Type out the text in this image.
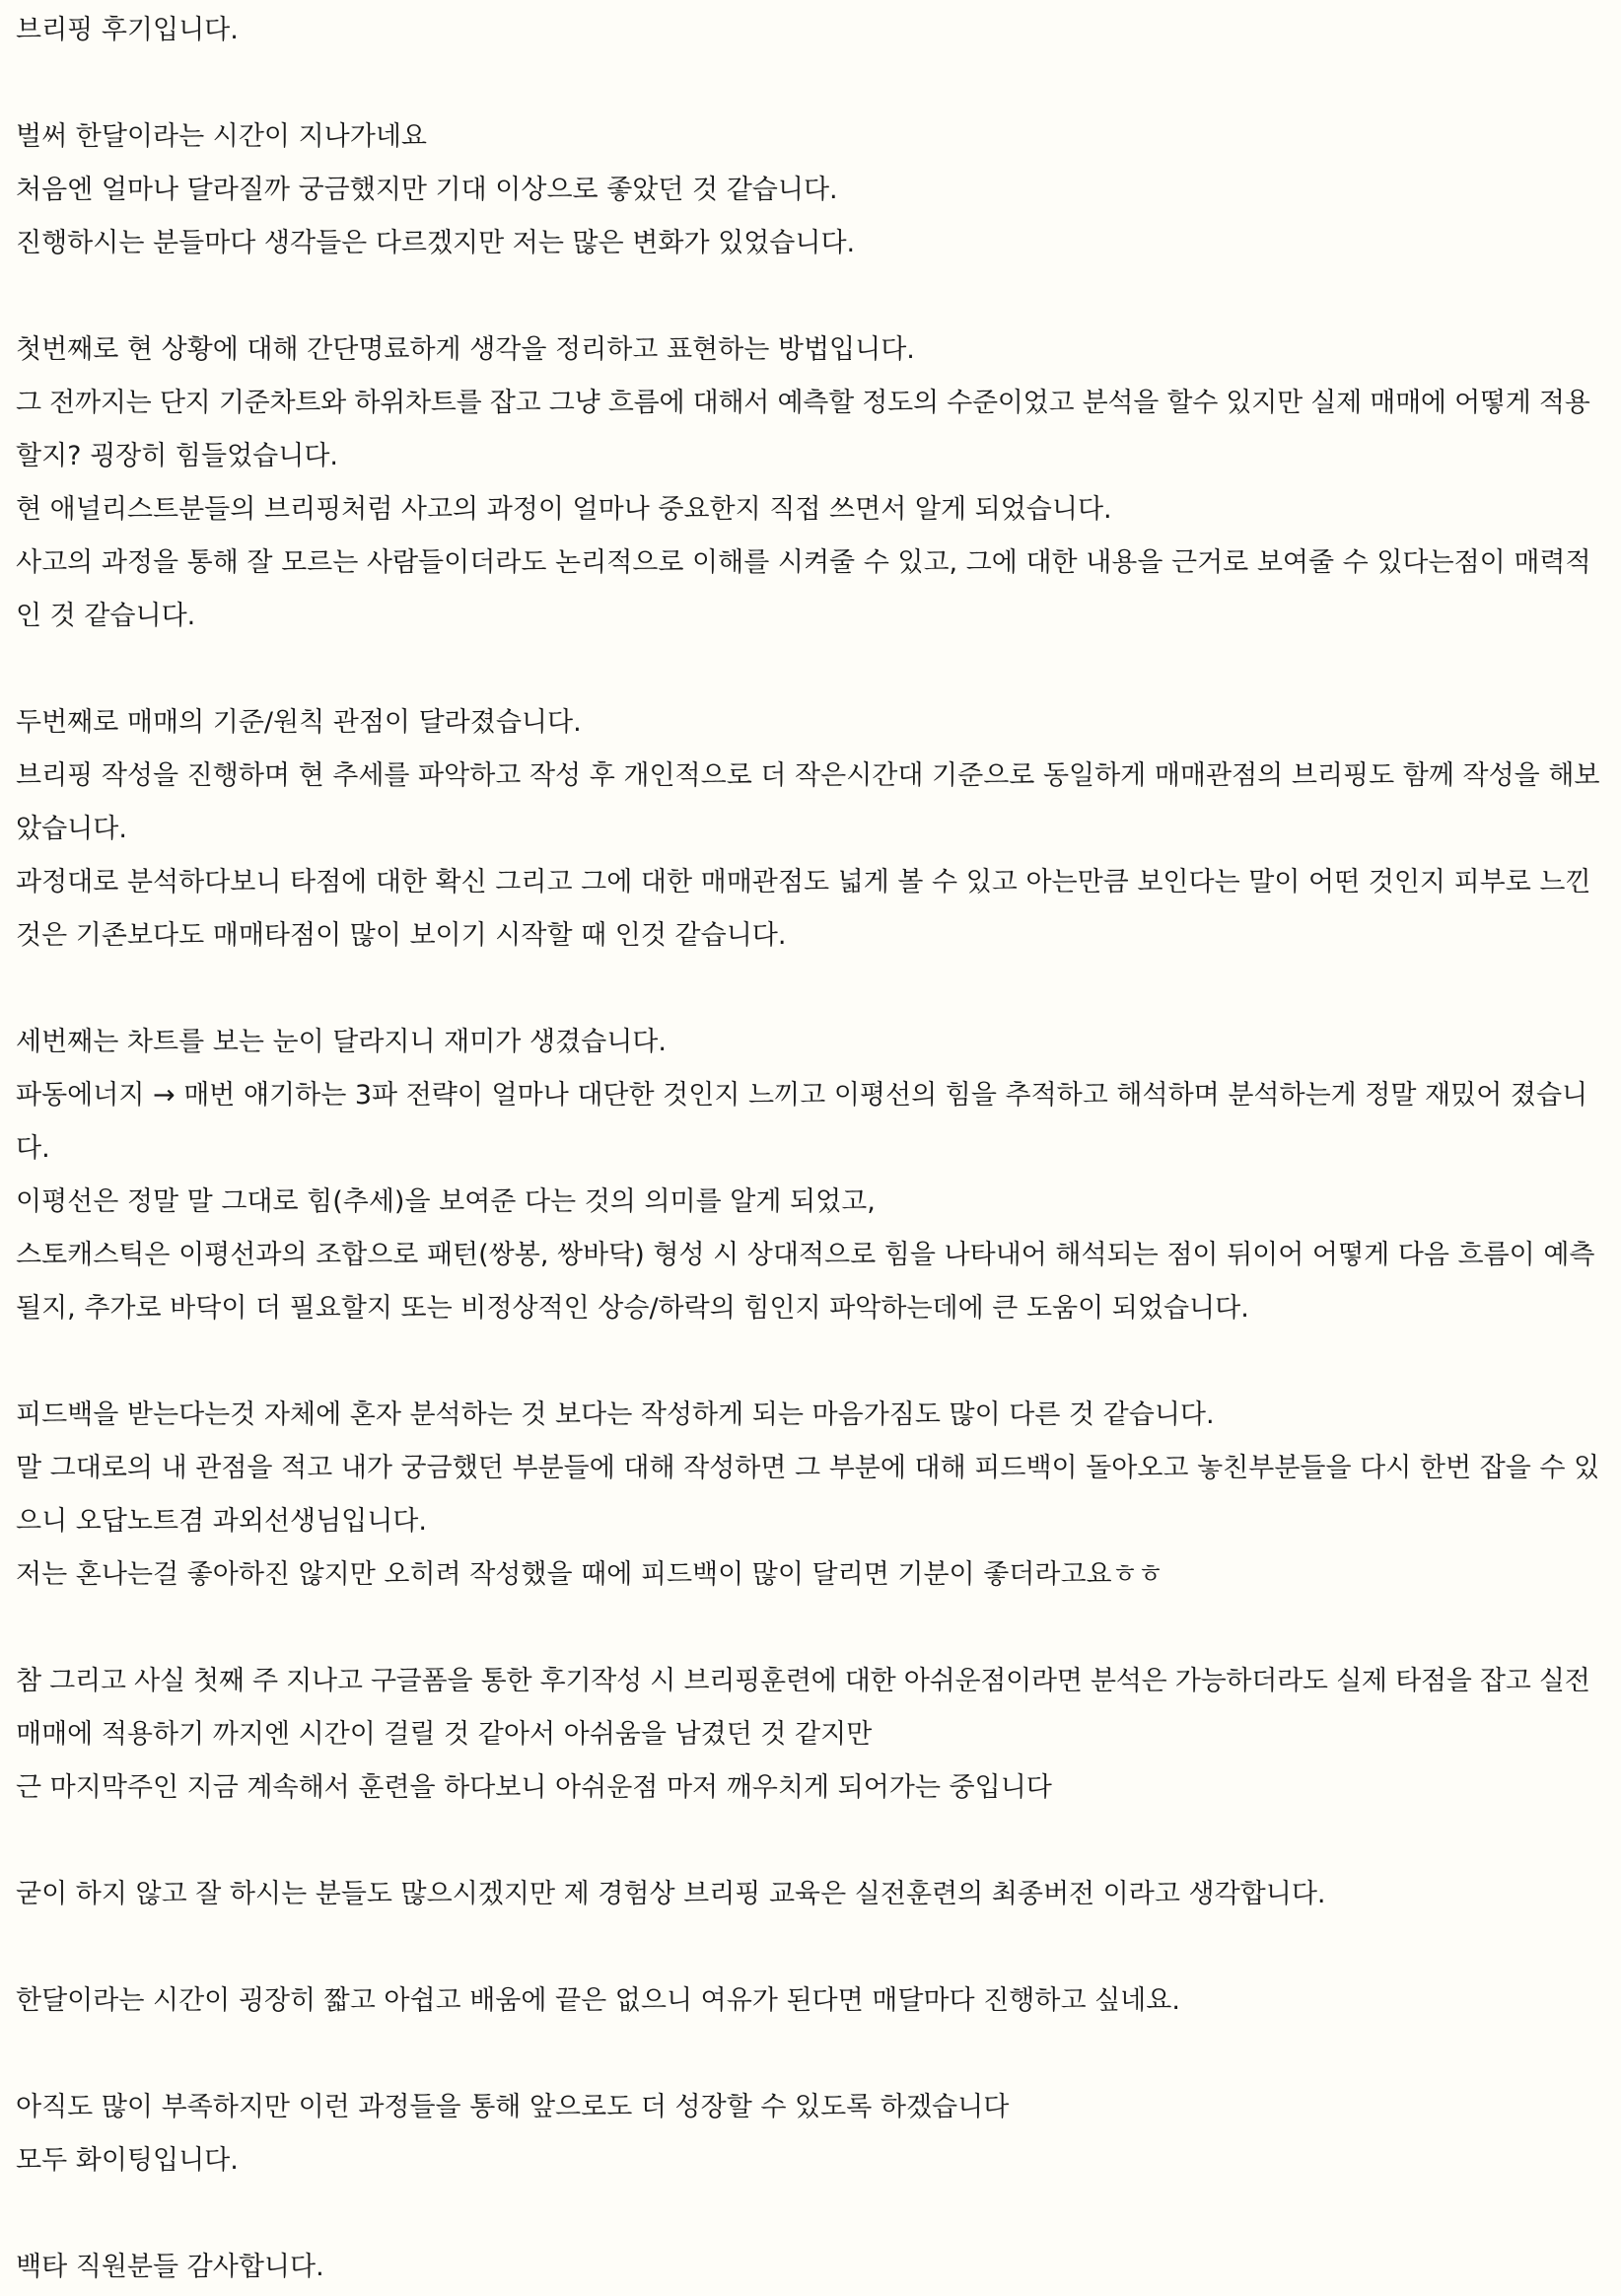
브리핑 후기입니다.
벌써 한달이라는 시간이 지나가네요
처음엔 얼마나 달라질까 궁금했지만 기대 이상으로 좋았던 것 같습니다.
진행하시는 분들마다 생각들은 다르겠지만 저는 많은 변화가 있었습니다.
첫번째로 현 상황에 대해 간단명료하게 생각을 정리하고 표현하는 방법입니다.
그 전까지는 단지 기준차트와 하위차트를 잡고 그냥 흐름에 대해서 예측할 정도의 수준이었고 분석을 할수 있지만 실제 매매에 어떻게 적용
할지? 굉장히 힘들었습니다.
현 애널리스트분들의 브리핑처럼 사고의 과정이 얼마나 중요한지 직접 쓰면서 알게 되었습니다.
사고의 과정을 통해 잘 모르는 사람들이더라도 논리적으로 이해를 시켜줄 수 있고, 그에 대한 내용을 근거로 보여줄 수 있다는점이 매력적
인 것 같습니다.
두번째로 매매의 기준/원칙 관점이 달라졌습니다.
브리핑 작성을 진행하며 현 추세를 파악하고 작성 후 개인적으로 더 작은시간대 기준으로 동일하게 매매관점의 브리핑도 함께 작성을 해보
았습니다.
과정대로 분석하다보니 타점에 대한 확신 그리고 그에 대한 매매관점도 넓게 볼 수 있고 아는만큼 보인다는 말이 어떤 것인지 피부로 느낀
것은 기존보다도 매매타점이 많이 보이기 시작할 때 인것 같습니다.
세번째는 차트를 보는 눈이 달라지니 재미가 생겼습니다.
파동에너지 → 매번 얘기하는 3파 전략이 얼마나 대단한 것인지 느끼고 이평선의 힘을 추적하고 해석하며 분석하는게 정말 재밌어 졌습니
다.
이평선은 정말 말 그대로 힘(추세)을 보여준 다는 것의 의미를 알게 되었고,
스토캐스틱은 이평선과의 조합으로 패턴(쌍봉, 쌍바닥) 형성 시 상대적으로 힘을 나타내어 해석되는 점이 뒤이어 어떻게 다음 흐름이 예측
될지, 추가로 바닥이 더 필요할지 또는 비정상적인 상승/하락의 힘인지 파악하는데에 큰 도움이 되었습니다.
피드백을 받는다는것 자체에 혼자 분석하는 것 보다는 작성하게 되는 마음가짐도 많이 다른 것 같습니다.
말 그대로의 내 관점을 적고 내가 궁금했던 부분들에 대해 작성하면 그 부분에 대해 피드백이 돌아오고 놓친부분들을 다시 한번 잡을 수 있
으니 오답노트겸 과외선생님입니다.
저는 혼나는걸 좋아하진 않지만 오히려 작성했을 때에 피드백이 많이 달리면 기분이 좋더라고요ㅎㅎ
참 그리고 사실 첫째 주 지나고 구글폼을 통한 후기작성 시 브리핑훈련에 대한 아쉬운점이라면 분석은 가능하더라도 실제 타점을 잡고 실전
매매에 적용하기 까지엔 시간이 걸릴 것 같아서 아쉬움을 남겼던 것 같지만
근 마지막주인 지금 계속해서 훈련을 하다보니 아쉬운점 마저 깨우치게 되어가는 중입니다
굳이 하지 않고 잘 하시는 분들도 많으시겠지만 제 경험상 브리핑 교육은 실전훈련의 최종버전 이라고 생각합니다.
한달이라는 시간이 굉장히 짧고 아쉽고 배움에 끝은 없으니 여유가 된다면 매달마다 진행하고 싶네요.
아직도 많이 부족하지만 이런 과정들을 통해 앞으로도 더 성장할 수 있도록 하겠습니다
모두 화이팅입니다.
백타 직원분들 감사합니다.
